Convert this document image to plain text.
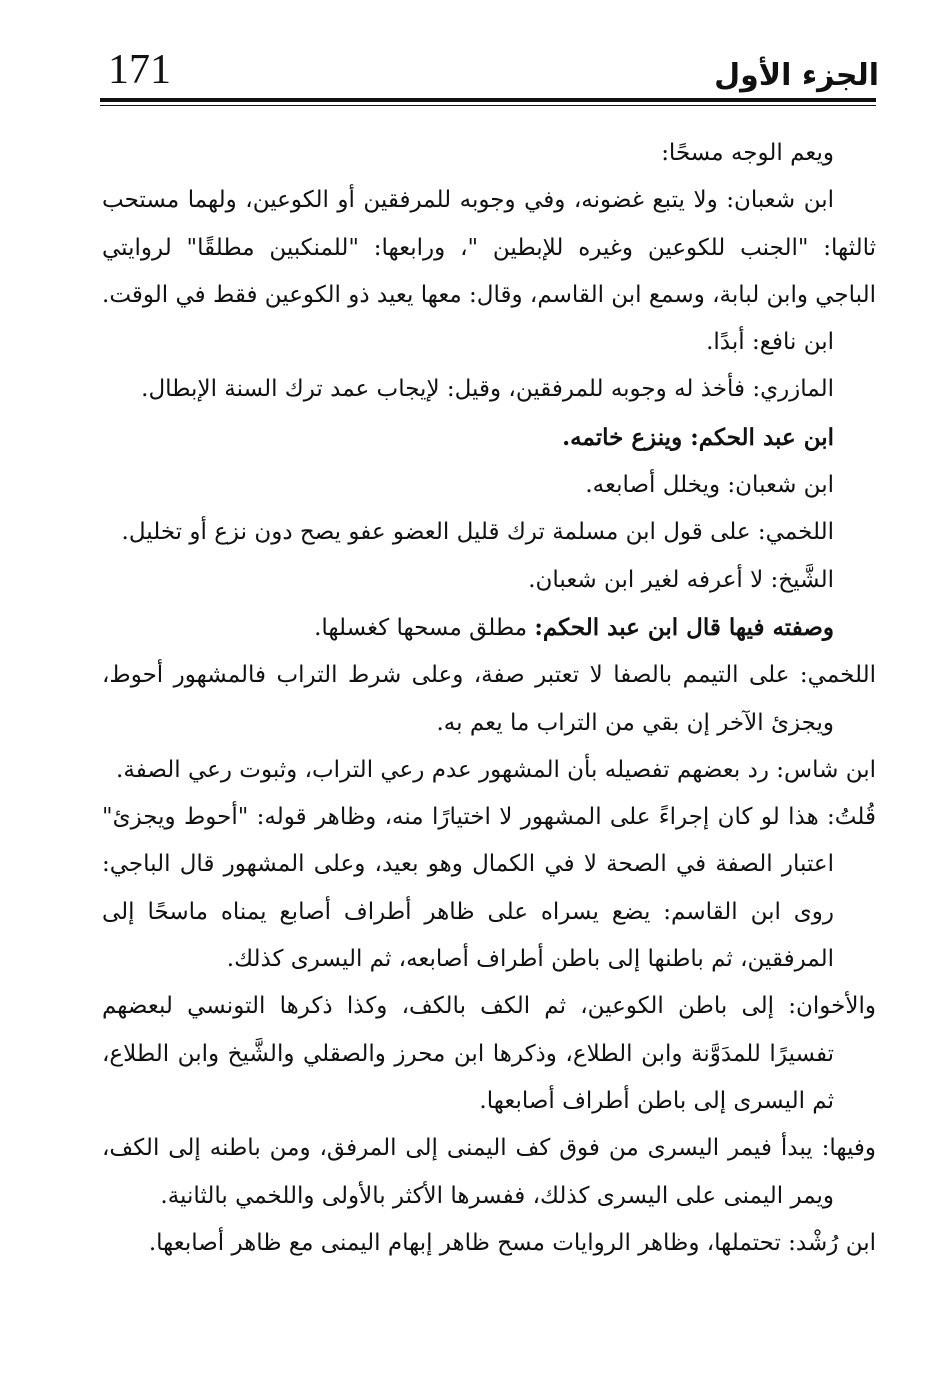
171	الجزء الأول

ويعم الوجه مسحًا:

ابن شعبان: ولا يتبع غضونه، وفي وجوبه للمرفقين أو الكوعين، ولهما مستحب ثالثها: "الجنب للكوعين وغيره للإبطين "، ورابعها: "للمنكبين مطلقًا" لروايتي الباجي وابن لبابة، وسمع ابن القاسم، وقال: معها يعيد ذو الكوعين فقط في الوقت.

ابن نافع: أبدًا.

المازري: فأخذ له وجوبه للمرفقين، وقيل: لإيجاب عمد ترك السنة الإبطال.

ابن عبد الحكم: وينزع خاتمه.

ابن شعبان: ويخلل أصابعه.

اللخمي: على قول ابن مسلمة ترك قليل العضو عفو يصح دون نزع أو تخليل.

الشَّيخ: لا أعرفه لغير ابن شعبان.

وصفته فيها قال ابن عبد الحكم: مطلق مسحها كغسلها.

اللخمي: على التيمم بالصفا لا تعتبر صفة، وعلى شرط التراب فالمشهور أحوط، ويجزئ الآخر إن بقي من التراب ما يعم به.

ابن شاس: رد بعضهم تفصيله بأن المشهور عدم رعي التراب، وثبوت رعي الصفة.

قُلتُ: هذا لو كان إجراءً على المشهور لا اختيارًا منه، وظاهر قوله: "أحوط ويجزئ" اعتبار الصفة في الصحة لا في الكمال وهو بعيد، وعلى المشهور قال الباجي: روى ابن القاسم: يضع يسراه على ظاهر أطراف أصابع يمناه ماسحًا إلى المرفقين، ثم باطنها إلى باطن أطراف أصابعه، ثم اليسرى كذلك.

والأخوان: إلى باطن الكوعين، ثم الكف بالكف، وكذا ذكرها التونسي لبعضهم تفسيرًا للمدَوَّنة وابن الطلاع، وذكرها ابن محرز والصقلي والشَّيخ وابن الطلاع، ثم اليسرى إلى باطن أطراف أصابعها.

وفيها: يبدأ فيمر اليسرى من فوق كف اليمنى إلى المرفق، ومن باطنه إلى الكف، ويمر اليمنى على اليسرى كذلك، ففسرها الأكثر بالأولى واللخمي بالثانية.

ابن رُشْد: تحتملها، وظاهر الروايات مسح ظاهر إبهام اليمنى مع ظاهر أصابعها.
